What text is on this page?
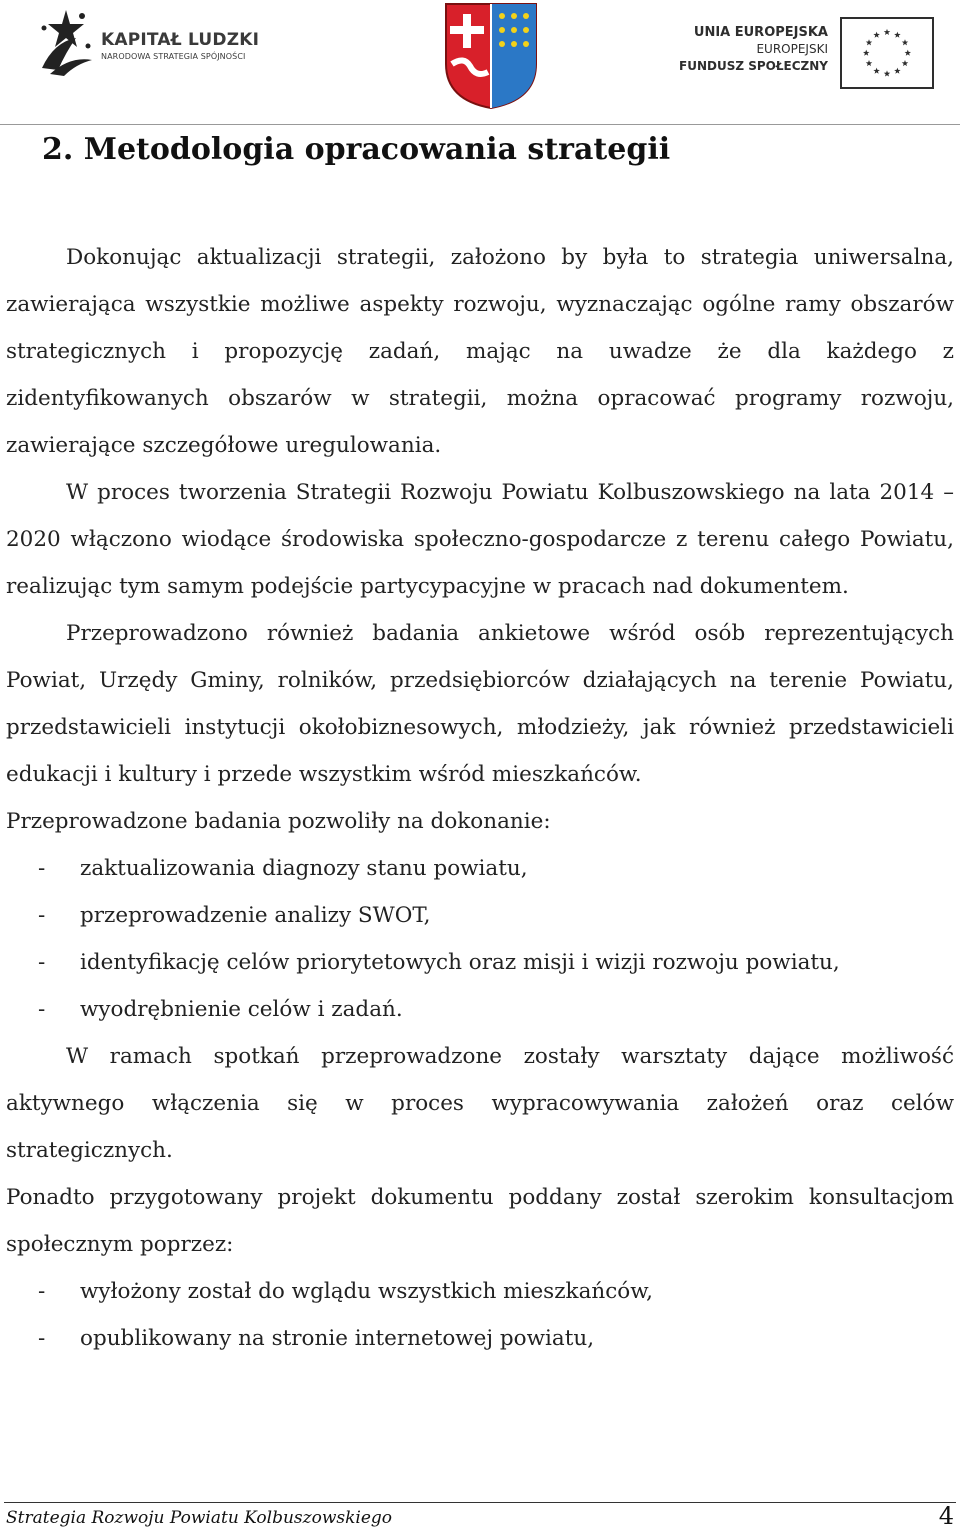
KAPITAŁ LUDZKI
NARODOWA STRATEGIA SPÓJNOŚCI
UNIA EUROPEJSKA
EUROPEJSKI
FUNDUSZ SPOŁECZNY
2. Metodologia opracowania strategii

Dokonując aktualizacji strategii, założono by była to strategia uniwersalna, zawierająca wszystkie możliwe aspekty rozwoju, wyznaczając ogólne ramy obszarów strategicznych i propozycję zadań, mając na uwadze że dla każdego z zidentyfikowanych obszarów w strategii, można opracować programy rozwoju, zawierające szczegółowe uregulowania.

W proces tworzenia Strategii Rozwoju Powiatu Kolbuszowskiego na lata 2014 – 2020 włączono wiodące środowiska społeczno-gospodarcze z terenu całego Powiatu, realizując tym samym podejście partycypacyjne w pracach nad dokumentem.

Przeprowadzono również badania ankietowe wśród osób reprezentujących Powiat, Urzędy Gminy, rolników, przedsiębiorców działających na terenie Powiatu, przedstawicieli instytucji okołobiznesowych, młodzieży, jak również przedstawicieli edukacji i kultury i przede wszystkim wśród mieszkańców.

Przeprowadzone badania pozwoliły na dokonanie:

- zaktualizowania diagnozy stanu powiatu,

- przeprowadzenie analizy SWOT,

- identyfikację celów priorytetowych oraz misji i wizji rozwoju powiatu,

- wyodrębnienie celów i zadań.

W ramach spotkań przeprowadzone zostały warsztaty dające możliwość aktywnego włączenia się w proces wypracowywania założeń oraz celów strategicznych.

Ponadto przygotowany projekt dokumentu poddany został szerokim konsultacjom społecznym poprzez:

- wyłożony został do wglądu wszystkich mieszkańców,

- opublikowany na stronie internetowej powiatu,

Strategia Rozwoju Powiatu Kolbuszowskiego	4
